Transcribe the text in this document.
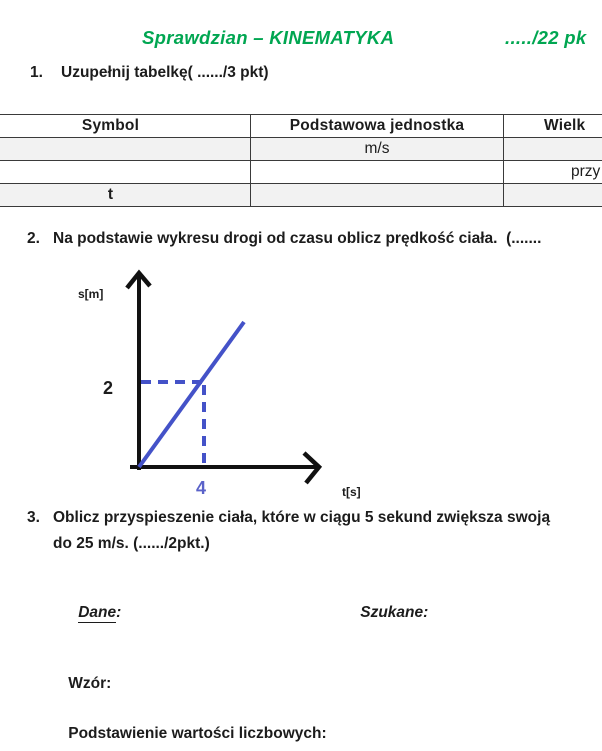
Sprawdzian – KINEMATYKA	...../22 pk
1.	Uzupełnij tabelkę( ....../3 pkt)
Symbol	Podstawowa jednostka	Wielk
	m/s	
		przy
t		
2. Na podstawie wykresu drogi od czasu oblicz prędkość ciała.  (.......
s[m]
t[s]
2
4
3. Oblicz przyspieszenie ciała, które w ciągu 5 sekund zwiększa swoją
do 25 m/s. (....../2pkt.)

Dane:
	Szukane:

Wzór:

Podstawienie wartości liczbowych:
